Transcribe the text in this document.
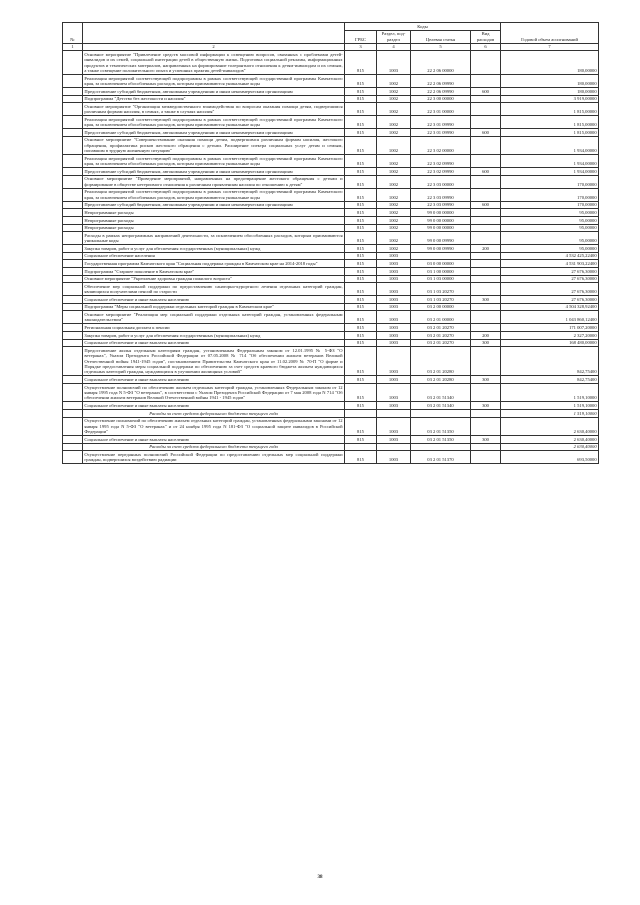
№		Коды				Годовой объем ассигнований
		ГРБС	Раздел, под-раздел	Целевая статья	Вид расходов	
1	2	3	4	5	6	7
	Основное мероприятие "Привлечение средств массовой информации к освещению вопросов, связанных с проблемами детей-инвалидов и их семей, социальной интеграции детей в общественную жизнь. Подготовка социальной рекламы, информационных продуктов и тематических материалов, направленных на формирование толерантного отношения к детям-инвалидам и их семьям, а также освещение положительного опыта и успешных практик детей-инвалидов"	815	1003	22 2 06 00000		180,00000
	Реализация мероприятий соответствующей подпрограммы в рамках соответствующей государственной программы Камчатского края, за исключением обособленных расходов, которым присваиваются уникальные коды	815	1002	22 2 06 09990		180,00000
	Предоставление субсидий бюджетным, автономным учреждениям и иным некоммерческим организациям	815	1002	22 2 06 09990	600	180,00000
	Подпрограмма "Детство без жестокости и насилия"	815	1002	22 3 00 00000		3 919,00000
	Основное мероприятие "Организация межведомственного взаимодействия по вопросам оказания помощи детям, подвергшимся различным формам насилия, в семьях, а также в случаях насилия"	815	1002	22 3 01 00000		1 815,00000
	Реализация мероприятий соответствующей подпрограммы в рамках соответствующей государственной программы Камчатского края, за исключением обособленных расходов, которым присваиваются уникальные коды	815	1002	22 3 01 09990		1 815,00000
	Предоставление субсидий бюджетным, автономным учреждениям и иным некоммерческим организациям	815	1002	22 3 01 09990	600	1 815,00000
	Основное мероприятие "Совершенствование оказания помощи детям, подвергшимся различным формам насилия, жестокого обращения, профилактика рисков жестокого обращения с детьми. Расширение спектра социальных услуг детям и семьям, попавшим в трудную жизненную ситуацию"	815	1002	22 3 02 00000		1 934,00000
	Реализация мероприятий соответствующей подпрограммы в рамках соответствующей государственной программы Камчатского края, за исключением обособленных расходов, которым присваиваются уникальные коды	815	1002	22 3 02 09990		1 934,00000
	Предоставление субсидий бюджетным, автономным учреждениям и иным некоммерческим организациям	815	1002	22 3 02 09990	600	1 934,00000
	Основное мероприятие "Проведение мероприятий, направленных на предотвращение жестокого обращения с детьми и формирование в обществе нетерпимого отношения к различным проявлениям насилия по отношению к детям"	815	1002	22 3 03 00000		170,00000
	Реализация мероприятий соответствующей подпрограммы в рамках соответствующей государственной программы Камчатского края, за исключением обособленных расходов, которым присваиваются уникальные коды	815	1002	22 3 03 09990		170,00000
	Предоставление субсидий бюджетным, автономным учреждениям и иным некоммерческим организациям	815	1002	22 3 03 09990	600	170,00000
	Непрограммные расходы	815	1002	99 0 00 00000		95,00000
	Непрограммные расходы	815	1002	99 0 00 00000		95,00000
	Непрограммные расходы	815	1002	99 0 00 00000		95,00000
	Расходы в рамках непрограммных направлений деятельности, за исключением обособленных расходов, которым присваиваются уникальные коды	815	1002	99 0 00 09990		95,00000
	Закупка товаров, работ и услуг для обеспечения государственных (муниципальных) нужд	815	1002	99 0 00 09990	200	95,00000
	Социальное обеспечение населения	815	1003			4 532 425,22400
	Государственная программа Камчатского края "Социальная поддержка граждан в Камчатском крае на 2014-2018 годы"	815	1003	03 0 00 00000		4 531 903,22400
	Подпрограмма "Старшее поколение в Камчатском крае"	815	1003	03 1 00 00000		27 676,30000
	Основное мероприятие "Укрепление здоровья граждан пожилого возраста"	815	1003	03 1 03 00000		27 676,30000
	Обеспечение мер социальной поддержки по предоставлению санаторно-курортного лечения отдельных категорий граждан, являющихся получателями пенсий по старости	815	1003	03 1 03 20270		27 676,30000
	Социальное обеспечение и иные выплаты населению	815	1003	03 1 03 20270	300	27 676,30000
	Подпрограмма "Меры социальной поддержки отдельных категорий граждан в Камчатском крае"	815	1003	03 2 00 00000		4 504 328,92400
	Основное мероприятие "Реализация мер социальной поддержки отдельных категорий граждан, установленных федеральным законодательством"	815	1003	03 2 01 00000		1 043 860,12400
	Региональная социальная доплата к пенсии	815	1003	03 2 01 20270		171 007,20000
	Закупка товаров, работ и услуг для обеспечения государственных (муниципальных) нужд	815	1003	03 2 01 20270	200	2 327,20000
	Социальное обеспечение и иные выплаты населению	815	1003	03 2 01 20270	300	168 480,00000
	Предоставление жилья отдельным категориям граждан, установленным Федеральным законом от 12.01.1995 № 5-ФЗ "О ветеранах", Указом Президента Российской Федерации от 07.05.2008 № 714 "Об обеспечении жильем ветеранов Великой Отечественной войны 1941-1945 годов", постановлением Правительства Камчатского края от 11.02.2009 № 70-П "О форме и Порядке предоставления меры социальной поддержки по обеспечению за счет средств краевого бюджета жильем нуждающихся отдельных категорий граждан, нуждающихся в улучшении жилищных условий"	815	1003	03 2 01 20280		842,75400
	Социальное обеспечение и иные выплаты населению	815	1003	03 2 01 20280	300	842,75400
	Осуществление полномочий по обеспечению жильем отдельных категорий граждан, установленных Федеральным законом от 12 января 1995 года N 5-ФЗ "О ветеранах", в соответствии с Указом Президента Российской Федерации от 7 мая 2008 года N 714 "Об обеспечении жильем ветеранов Великой Отечественной войны 1941 - 1945 годов"	815	1003	03 2 01 51340		1 519,10000
	Социальное обеспечение и иные выплаты населению	815	1003	03 2 01 51340	300	1 519,10000
	Расходы за счет средств федерального бюджета текущего года					1 519,10000
	Осуществление полномочий по обеспечению жильем отдельных категорий граждан, установленных федеральными законами от 12 января 1995 года N 5-ФЗ "О ветеранах" и от 24 ноября 1995 года N 181-ФЗ "О социальной защите инвалидов в Российской Федерации"	815	1003	03 2 01 51350		2 630,40000
	Социальное обеспечение и иные выплаты населению	815	1003	03 2 01 51350	300	2 630,40000
	Расходы за счет средств федерального бюджета текущего года					2 630,40000
	Осуществление переданных полномочий Российской Федерации по предоставлению отдельных мер социальной поддержки граждан, подвергшихся воздействию радиации	815	1003	03 2 01 51370		693,50000
38
